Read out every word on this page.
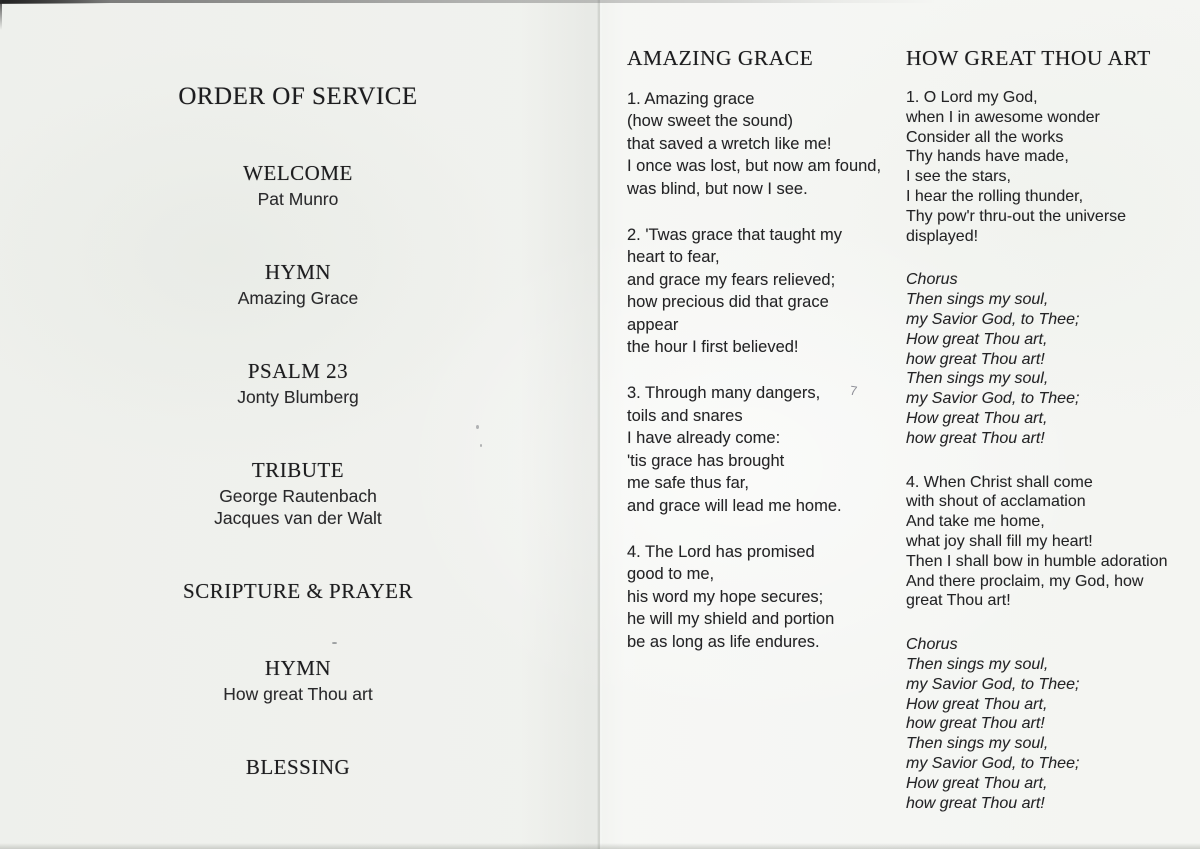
ORDER OF SERVICE
WELCOME
Pat Munro
HYMN
Amazing Grace
PSALM 23
Jonty Blumberg
TRIBUTE
George Rautenbach
Jacques van der Walt
SCRIPTURE & PRAYER
HYMN
How great Thou art
BLESSING
AMAZING GRACE
1. Amazing grace
(how sweet the sound)
that saved a wretch like me!
I once was lost, but now am found,
was blind, but now I see.
2. 'Twas grace that taught my
heart to fear,
and grace my fears relieved;
how precious did that grace
appear
the hour I first believed!
3. Through many dangers,
toils and snares
I have already come:
'tis grace has brought
me safe thus far,
and grace will lead me home.
4. The Lord has promised
good to me,
his word my hope secures;
he will my shield and portion
be as long as life endures.
HOW GREAT THOU ART
1. O Lord my God,
when I in awesome wonder
Consider all the works
Thy hands have made,
I see the stars,
I hear the rolling thunder,
Thy pow'r thru-out the universe
displayed!
Chorus
Then sings my soul,
my Savior God, to Thee;
How great Thou art,
how great Thou art!
Then sings my soul,
my Savior God, to Thee;
How great Thou art,
how great Thou art!
4. When Christ shall come
with shout of acclamation
And take me home,
what joy shall fill my heart!
Then I shall bow in humble adoration
And there proclaim, my God, how
great Thou art!
Chorus
Then sings my soul,
my Savior God, to Thee;
How great Thou art,
how great Thou art!
Then sings my soul,
my Savior God, to Thee;
How great Thou art,
how great Thou art!
7
